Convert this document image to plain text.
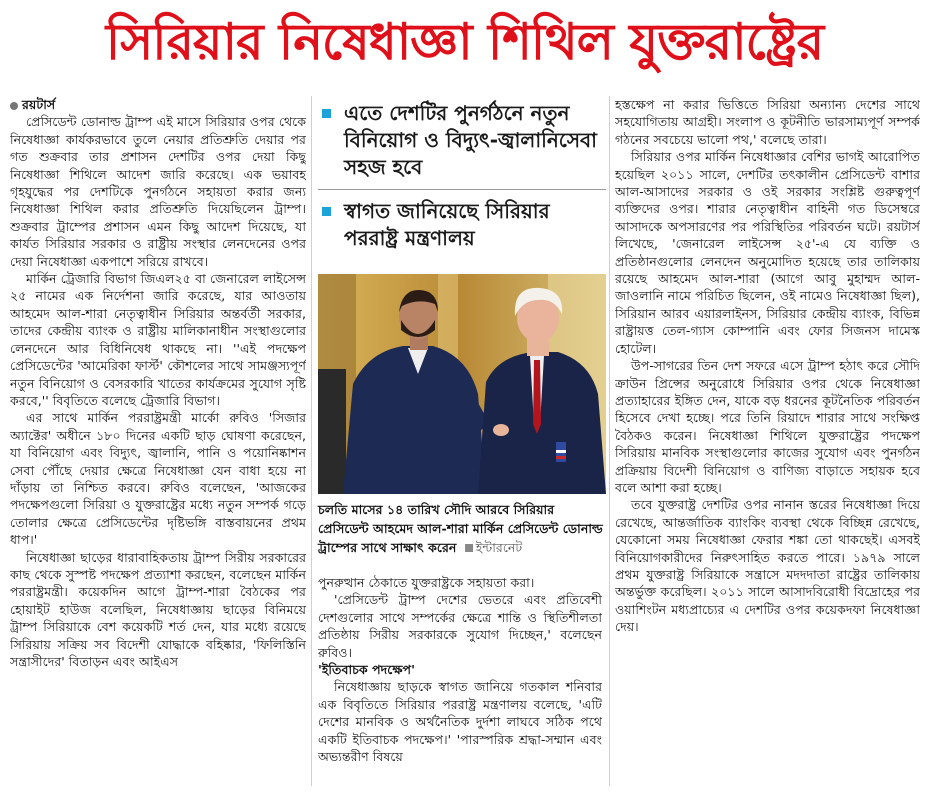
সিরিয়ার নিষেধাজ্ঞা শিথিল যুক্তরাষ্ট্রের

রয়টার্স

প্রেসিডেন্ট ডোনাল্ড ট্রাম্প এই মাসে সিরিয়ার ওপর থেকে নিষেধাজ্ঞা কার্যকরভাবে তুলে নেয়ার প্রতিশ্রুতি দেয়ার পর গত শুক্রবার তার প্রশাসন দেশটির ওপর দেয়া কিছু নিষেধাজ্ঞা শিথিলে আদেশ জারি করেছে। এক ভয়াবহ গৃহযুদ্ধের পর দেশটিকে পুনর্গঠনে সহায়তা করার জন্য নিষেধাজ্ঞা শিথিল করার প্রতিশ্রুতি দিয়েছিলেন ট্রাম্প। শুক্রবার ট্রাম্পের প্রশাসন এমন কিছু আদেশ দিয়েছে, যা কার্যত সিরিয়ার সরকার ও রাষ্ট্রীয় সংস্থার লেনদেনের ওপর দেয়া নিষেধাজ্ঞা একপাশে সরিয়ে রাখবে।

মার্কিন ট্রেজারি বিভাগ জিএল২৫ বা জেনারেল লাইসেন্স ২৫ নামের এক নির্দেশনা জারি করেছে, যার আওতায় আহমেদ আল-শারা নেতৃত্বাধীন সিরিয়ার অন্তর্বর্তী সরকার, তাদের কেন্দ্রীয় ব্যাংক ও রাষ্ট্রীয় মালিকানাধীন সংস্থাগুলোর লেনদেনে আর বিধিনিষেধ থাকছে না। ''এই পদক্ষেপ প্রেসিডেন্টের 'আমেরিকা ফার্স্ট' কৌশলের সাথে সামঞ্জস্যপূর্ণ নতুন বিনিয়োগ ও বেসরকারি খাতের কার্যক্রমের সুযোগ সৃষ্টি করবে,'' বিবৃতিতে বলেছে ট্রেজারি বিভাগ।

এর সাথে মার্কিন পররাষ্ট্রমন্ত্রী মার্কো রুবিও 'সিজার অ্যাক্টের' অধীনে ১৮০ দিনের একটি ছাড় ঘোষণা করেছেন, যা বিনিয়োগ এবং বিদ্যুৎ, জ্বালানি, পানি ও পয়োনিষ্কাশন সেবা পৌঁছে দেয়ার ক্ষেত্রে নিষেধাজ্ঞা যেন বাধা হয়ে না দাঁড়ায় তা নিশ্চিত করবে। রুবিও বলেছেন, 'আজকের পদক্ষেপগুলো সিরিয়া ও যুক্তরাষ্ট্রের মধ্যে নতুন সম্পর্ক গড়ে তোলার ক্ষেত্রে প্রেসিডেন্টের দৃষ্টিভঙ্গি বাস্তবায়নের প্রথম ধাপ।'

নিষেধাজ্ঞা ছাড়ের ধারাবাহিকতায় ট্রাম্প সিরীয় সরকারের কাছ থেকে সুস্পষ্ট পদক্ষেপ প্রত্যাশা করছেন, বলেছেন মার্কিন পররাষ্ট্রমন্ত্রী। কয়েকদিন আগে ট্রাম্প-শারা বৈঠকের পর হোয়াইট হাউজ বলেছিল, নিষেধাজ্ঞায় ছাড়ের বিনিময়ে ট্রাম্প সিরিয়াকে বেশ কয়েকটি শর্ত দেন, যার মধ্যে রয়েছে সিরিয়ায় সক্রিয় সব বিদেশী যোদ্ধাকে বহিষ্কার, 'ফিলিস্তিনি সন্ত্রাসীদের' বিতাড়ন এবং আইএস

এতে দেশটির পুনর্গঠনে নতুন বিনিয়োগ ও বিদ্যুৎ-জ্বালানিসেবা সহজ হবে
স্বাগত জানিয়েছে সিরিয়ার পররাষ্ট্র মন্ত্রণালয়
চলতি মাসের ১৪ তারিখ সৌদি আরবে সিরিয়ার প্রেসিডেন্ট আহমেদ আল-শারা মার্কিন প্রেসিডেন্ট ডোনাল্ড ট্রাম্পের সাথে সাক্ষাৎ করেন ইন্টারনেট

পুনরুত্থান ঠেকাতে যুক্তরাষ্ট্রকে সহায়তা করা।

'প্রেসিডেন্ট ট্রাম্প দেশের ভেতরে এবং প্রতিবেশী দেশগুলোর সাথে সম্পর্কের ক্ষেত্রে শান্তি ও স্থিতিশীলতা প্রতিষ্ঠায় সিরীয় সরকারকে সুযোগ দিচ্ছেন,' বলেছেন রুবিও।

'ইতিবাচক পদক্ষেপ'

নিষেধাজ্ঞায় ছাড়কে স্বাগত জানিয়ে গতকাল শনিবার এক বিবৃতিতে সিরিয়ার পররাষ্ট্র মন্ত্রণালয় বলেছে, 'এটি দেশের মানবিক ও অর্থনৈতিক দুর্দশা লাঘবে সঠিক পথে একটি ইতিবাচক পদক্ষেপ।' 'পারস্পরিক শ্রদ্ধা-সম্মান এবং অভ্যন্তরীণ বিষয়ে

হস্তক্ষেপ না করার ভিত্তিতে সিরিয়া অন্যান্য দেশের সাথে সহযোগিতায় আগ্রহী। সংলাপ ও কূটনীতি ভারসাম্যপূর্ণ সম্পর্ক গঠনের সবচেয়ে ভালো পথ,' বলেছে তারা।

সিরিয়ার ওপর মার্কিন নিষেধাজ্ঞার বেশির ভাগই আরোপিত হয়েছিল ২০১১ সালে, দেশটির তৎকালীন প্রেসিডেন্ট বাশার আল-আসাদের সরকার ও ওই সরকার সংশ্লিষ্ট গুরুত্বপূর্ণ ব্যক্তিদের ওপর। শারার নেতৃত্বাধীন বাহিনী গত ডিসেম্বরে আসাদকে অপসারণের পর পরিস্থিতির পরিবর্তন ঘটে। রয়টার্স লিখেছে, 'জেনারেল লাইসেন্স ২৫'-এ যে ব্যক্তি ও প্রতিষ্ঠানগুলোর লেনদেন অনুমোদিত হয়েছে তার তালিকায় রয়েছে আহমেদ আল-শারা (আগে আবু মুহাম্মদ আল-জাওলানি নামে পরিচিত ছিলেন, ওই নামেও নিষেধাজ্ঞা ছিল), সিরিয়ান আরব এয়ারলাইনস, সিরিয়ার কেন্দ্রীয় ব্যাংক, বিভিন্ন রাষ্ট্রায়ত্ত তেল-গ্যাস কোম্পানি এবং ফোর সিজনস দামেস্ক হোটেল।

উপ-সাগরের তিন দেশ সফরে এসে ট্রাম্প হঠাৎ করে সৌদি ক্রাউন প্রিন্সের অনুরোধে সিরিয়ার ওপর থেকে নিষেধাজ্ঞা প্রত্যাহারের ইঙ্গিত দেন, যাকে বড় ধরনের কূটনৈতিক পরিবর্তন হিসেবে দেখা হচ্ছে। পরে তিনি রিয়াদে শারার সাথে সংক্ষিপ্ত বৈঠকও করেন। নিষেধাজ্ঞা শিথিলে যুক্তরাষ্ট্রের পদক্ষেপ সিরিয়ায় মানবিক সংস্থাগুলোর কাজের সুযোগ এবং পুনর্গঠন প্রক্রিয়ায় বিদেশী বিনিয়োগ ও বাণিজ্য বাড়াতে সহায়ক হবে বলে আশা করা হচ্ছে।

তবে যুক্তরাষ্ট্র দেশটির ওপর নানান স্তরের নিষেধাজ্ঞা দিয়ে রেখেছে, আন্তর্জাতিক ব্যাংকিং ব্যবস্থা থেকে বিচ্ছিন্ন রেখেছে, যেকোনো সময় নিষেধাজ্ঞা ফেরার শঙ্কা তো থাকছেই। এসবই বিনিয়োগকারীদের নিরুৎসাহিত করতে পারে। ১৯৭৯ সালে প্রথম যুক্তরাষ্ট্র সিরিয়াকে সন্ত্রাসে মদদদাতা রাষ্ট্রের তালিকায় অন্তর্ভুক্ত করেছিল। ২০১১ সালে আসাদবিরোধী বিদ্রোহের পর ওয়াশিংটন মধ্যপ্রাচ্যের এ দেশটির ওপর কয়েকদফা নিষেধাজ্ঞা দেয়।
